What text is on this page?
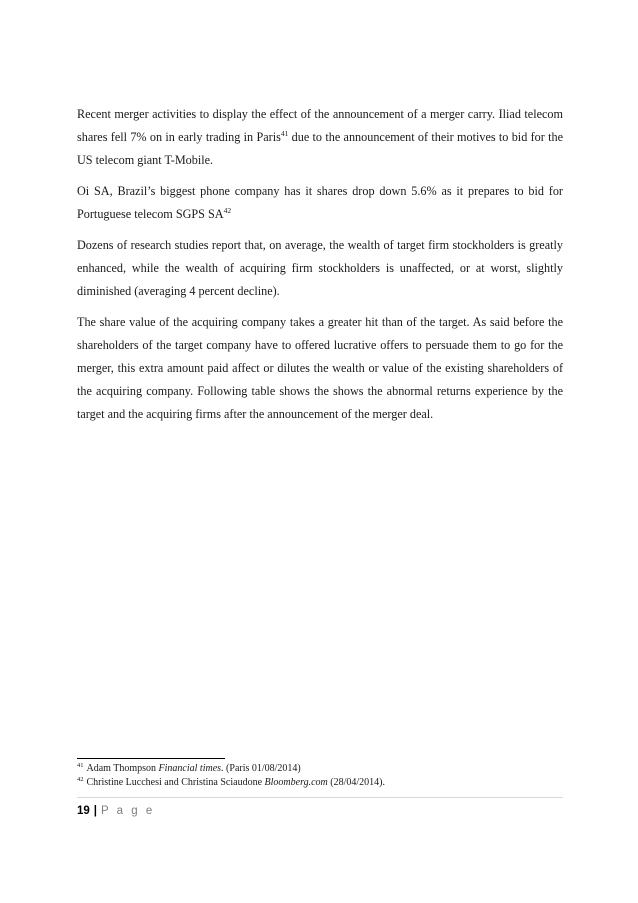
Recent merger activities to display the effect of the announcement of a merger carry. Iliad telecom shares fell 7% on in early trading in Paris$^{41}$ due to the announcement of their motives to bid for the US telecom giant T-Mobile.

Oi SA, Brazil’s biggest phone company has it shares drop down 5.6% as it prepares to bid for Portuguese telecom SGPS SA$^{42}$

Dozens of research studies report that, on average, the wealth of target firm stockholders is greatly enhanced, while the wealth of acquiring firm stockholders is unaffected, or at worst, slightly diminished (averaging 4 percent decline).

The share value of the acquiring company takes a greater hit than of the target. As said before the shareholders of the target company have to offered lucrative offers to persuade them to go for the merger, this extra amount paid affect or dilutes the wealth or value of the existing shareholders of the acquiring company. Following table shows the shows the abnormal returns experience by the target and the acquiring firms after the announcement of the merger deal.

$^{41}$ Adam Thompson Financial times. (Paris 01/08/2014)

$^{42}$ Christine Lucchesi and Christina Sciaudone Bloomberg.com (28/04/2014).

19 | P a g e
